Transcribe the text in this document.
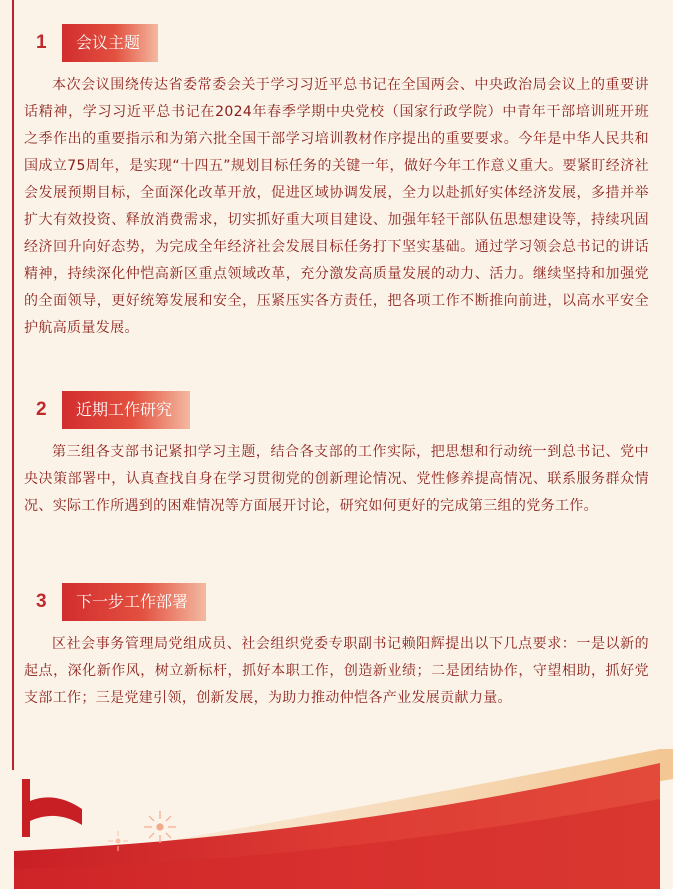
1	会议主题

本次会议围绕传达省委常委会关于学习习近平总书记在全国两会、中央政治局会议上的重要讲话精神，学习习近平总书记在2024年春季学期中央党校（国家行政学院）中青年干部培训班开班之季作出的重要指示和为第六批全国干部学习培训教材作序提出的重要要求。今年是中华人民共和国成立75周年，是实现“十四五”规划目标任务的关键一年，做好今年工作意义重大。要紧盯经济社会发展预期目标，全面深化改革开放，促进区域协调发展，全力以赴抓好实体经济发展，多措并举扩大有效投资、释放消费需求，切实抓好重大项目建设、加强年轻干部队伍思想建设等，持续巩固经济回升向好态势，为完成全年经济社会发展目标任务打下坚实基础。通过学习领会总书记的讲话精神，持续深化仲恺高新区重点领域改革，充分激发高质量发展的动力、活力。继续坚持和加强党的全面领导，更好统筹发展和安全，压紧压实各方责任，把各项工作不断推向前进，以高水平安全护航高质量发展。

2	近期工作研究

第三组各支部书记紧扣学习主题，结合各支部的工作实际，把思想和行动统一到总书记、党中央决策部署中，认真查找自身在学习贯彻党的创新理论情况、党性修养提高情况、联系服务群众情况、实际工作所遇到的困难情况等方面展开讨论，研究如何更好的完成第三组的党务工作。

3	下一步工作部署

区社会事务管理局党组成员、社会组织党委专职副书记赖阳辉提出以下几点要求：一是以新的起点，深化新作风，树立新标杆，抓好本职工作，创造新业绩；二是团结协作，守望相助，抓好党支部工作；三是党建引领，创新发展，为助力推动仲恺各产业发展贡献力量。
